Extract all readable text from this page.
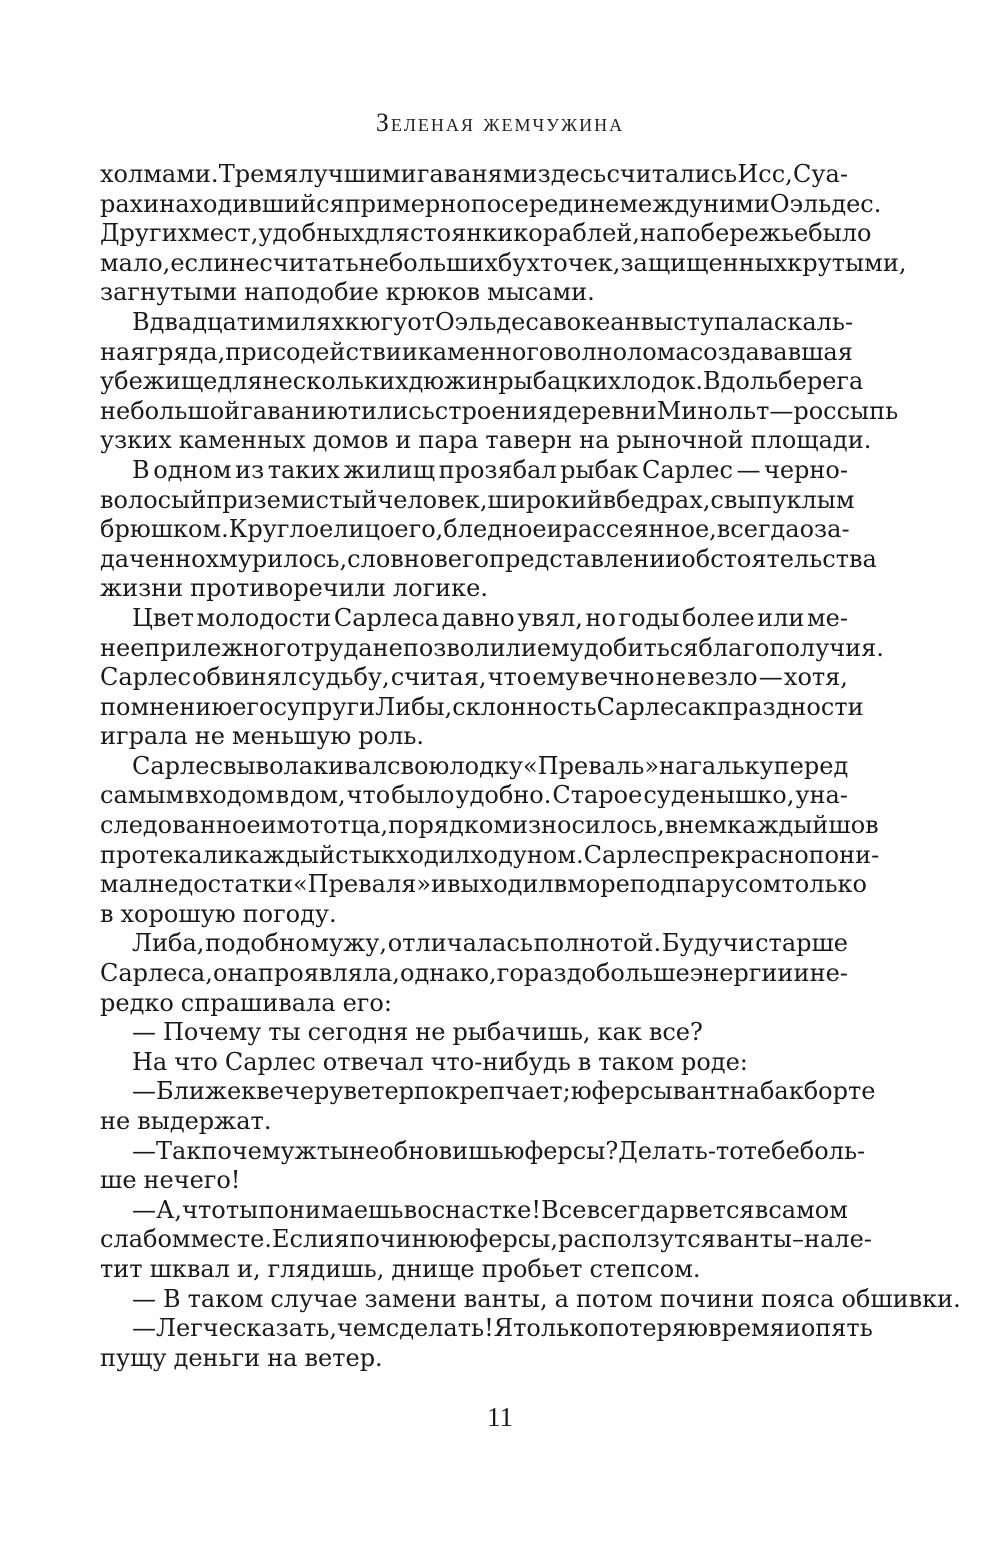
Зеленая жемчужина
холмами. Тремя лучшими гаванями здесь считались Исс, Суа-
рах и находившийся примерно посередине между ними Оэльдес.
Других мест, удобных для стоянки кораблей, на побережье было
мало, если не считать небольших бухточек, защищенных крутыми,
загнутыми наподобие крюков мысами.
В двадцати милях к югу от Оэльдеса в океан выступала скаль-
ная гряда, при содействии каменного волнолома создававшая
убежище для нескольких дюжин рыбацких лодок. Вдоль берега
небольшой гавани ютились строения деревни Минольт — россыпь
узких каменных домов и пара таверн на рыночной площади.
В одном из таких жилищ прозябал рыбак Сарлес — черно-
волосый приземистый человек, широкий в бедрах, с выпуклым
брюшком. Круглое лицо его, бледное и рассеянное, всегда оза-
даченно хмурилось, словно в его представлении обстоятельства
жизни противоречили логике.
Цвет молодости Сарлеса давно увял, но годы более или ме-
нее прилежного труда не позволили ему добиться благополучия.
Сарлес обвинял судьбу, считая, что ему вечно не везло — хотя,
по мнению его супруги Либы, склонность Сарлеса к праздности
играла не меньшую роль.
Сарлес выволакивал свою лодку «Преваль» на гальку перед
самым входом в дом, что было удобно. Старое суденышко, уна-
следованное им от отца, порядком износилось, в нем каждый шов
протекал и каждый стык ходил ходуном. Сарлес прекрасно пони-
мал недостатки «Преваля» и выходил в море под парусом только
в хорошую погоду.
Либа, подобно мужу, отличалась полнотой. Будучи старше
Сарлеса, она проявляла, однако, гораздо больше энергии и не-
редко спрашивала его:
— Почему ты сегодня не рыбачишь, как все?
На что Сарлес отвечал что-нибудь в таком роде:
— Ближе к вечеру ветер покрепчает; юферсы вант на бакборте
не выдержат.
— Так почему ж ты не обновишь юферсы? Делать-то тебе боль-
ше нечего!
— А, что ты понимаешь в оснастке! Все всегда рвется в самом
слабом месте. Если я починю юферсы, расползутся ванты – нале-
тит шквал и, глядишь, днище пробьет степсом.
— В таком случае замени ванты, а потом почини пояса обшивки.
— Легче сказать, чем сделать! Я только потеряю время и опять
пущу деньги на ветер.
11
